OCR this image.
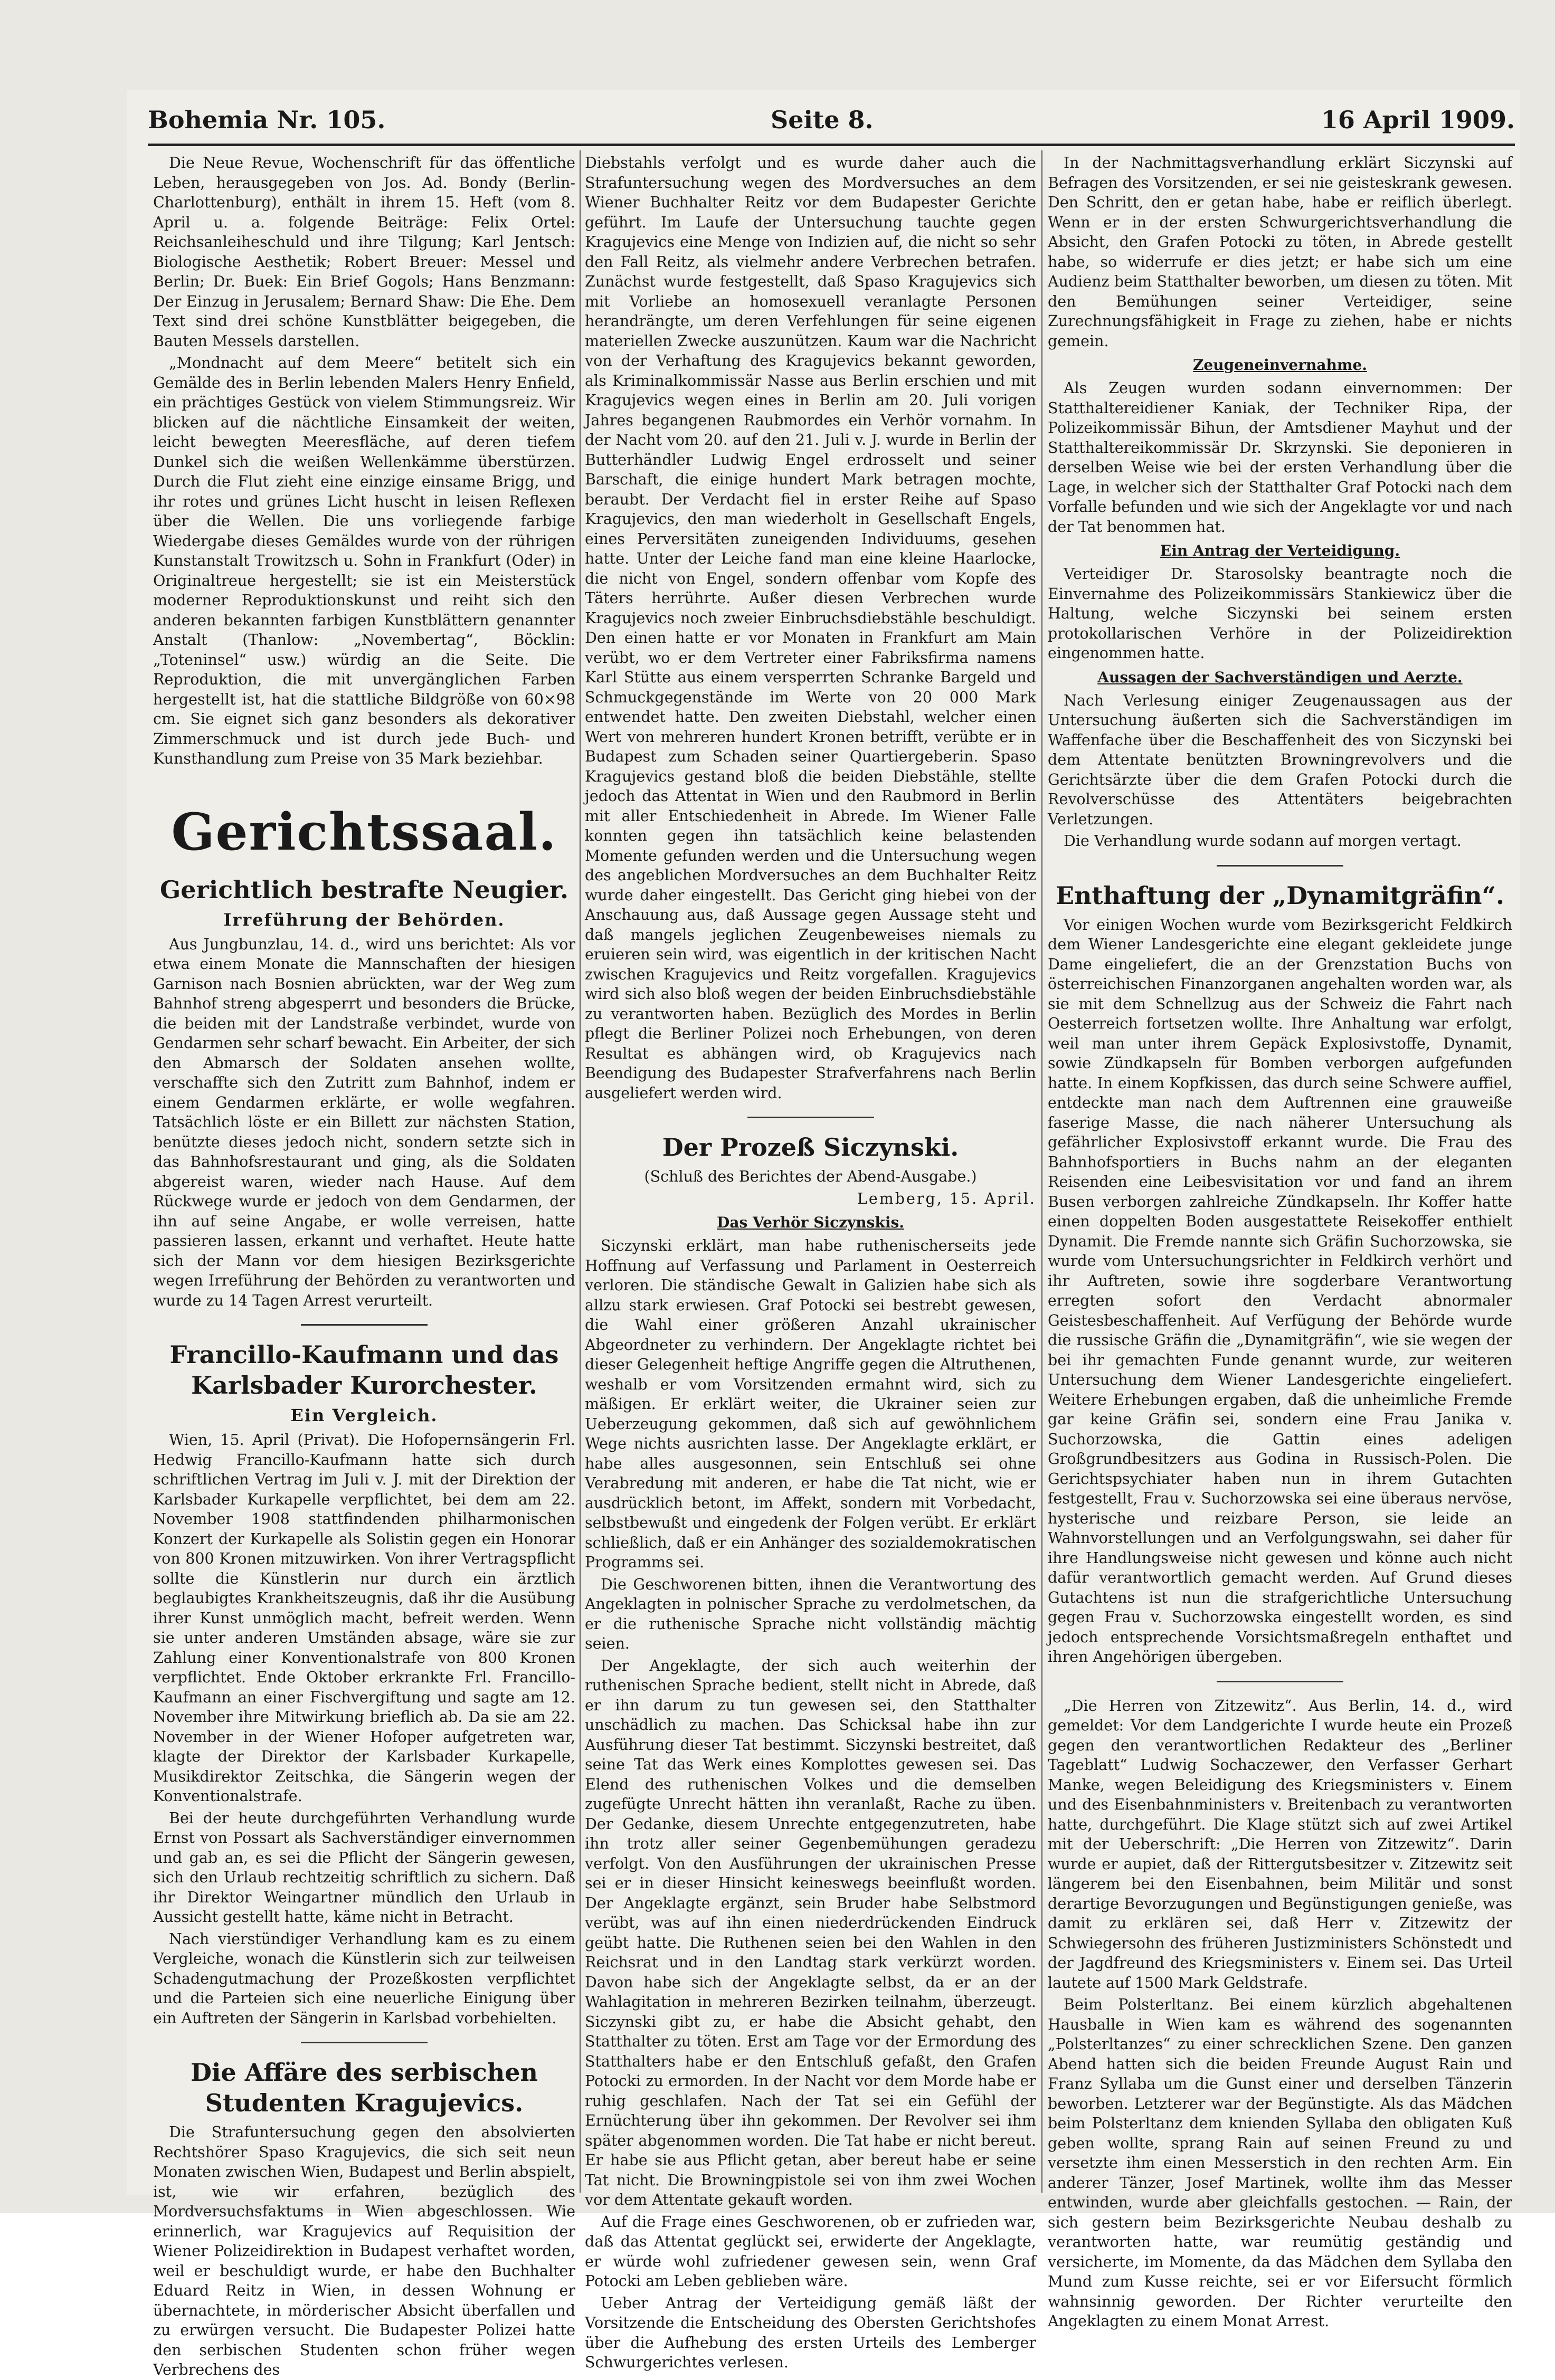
Bohemia Nr. 105.	Seite 8.	16 April 1909.

Die Neue Revue, Wochenschrift für das öffentliche Leben, herausgegeben von Jos. Ad. Bondy (Berlin-Charlottenburg), enthält in ihrem 15. Heft (vom 8. April u. a. folgende Beiträge: Felix Ortel: Reichsanleiheschuld und ihre Tilgung; Karl Jentsch: Biologische Aesthetik; Robert Breuer: Messel und Berlin; Dr. Buek: Ein Brief Gogols; Hans Benzmann: Der Einzug in Jerusalem; Bernard Shaw: Die Ehe. Dem Text sind drei schöne Kunstblätter beigegeben, die Bauten Messels darstellen.

„Mondnacht auf dem Meere“ betitelt sich ein Gemälde des in Berlin lebenden Malers Henry Enfield, ein prächtiges Gestück von vielem Stimmungsreiz. Wir blicken auf die nächtliche Einsamkeit der weiten, leicht bewegten Meeresfläche, auf deren tiefem Dunkel sich die weißen Wellenkämme überstürzen. Durch die Flut zieht eine einzige einsame Brigg, und ihr rotes und grünes Licht huscht in leisen Reflexen über die Wellen. Die uns vorliegende farbige Wiedergabe dieses Gemäldes wurde von der rührigen Kunstanstalt Trowitzsch u. Sohn in Frankfurt (Oder) in Originaltreue hergestellt; sie ist ein Meisterstück moderner Reproduktionskunst und reiht sich den anderen bekannten farbigen Kunstblättern genannter Anstalt (Thanlow: „Novembertag“, Böcklin: „Toteninsel“ usw.) würdig an die Seite. Die Reproduktion, die mit unvergänglichen Farben hergestellt ist, hat die stattliche Bildgröße von 60×98 cm. Sie eignet sich ganz besonders als dekorativer Zimmerschmuck und ist durch jede Buch- und Kunsthandlung zum Preise von 35 Mark beziehbar.

Gerichtssaal.
Gerichtlich bestrafte Neugier.
Irreführung der Behörden.

Aus Jungbunzlau, 14. d., wird uns berichtet: Als vor etwa einem Monate die Mannschaften der hiesigen Garnison nach Bosnien abrückten, war der Weg zum Bahnhof streng abgesperrt und besonders die Brücke, die beiden mit der Landstraße verbindet, wurde von Gendarmen sehr scharf bewacht. Ein Arbeiter, der sich den Abmarsch der Soldaten ansehen wollte, verschaffte sich den Zutritt zum Bahnhof, indem er einem Gendarmen erklärte, er wolle wegfahren. Tatsächlich löste er ein Billett zur nächsten Station, benützte dieses jedoch nicht, sondern setzte sich in das Bahnhofsrestaurant und ging, als die Soldaten abgereist waren, wieder nach Hause. Auf dem Rückwege wurde er jedoch von dem Gendarmen, der ihn auf seine Angabe, er wolle verreisen, hatte passieren lassen, erkannt und verhaftet. Heute hatte sich der Mann vor dem hiesigen Bezirksgerichte wegen Irreführung der Behörden zu verantworten und wurde zu 14 Tagen Arrest verurteilt.

Francillo-Kaufmann und das Karlsbader Kurorchester.
Ein Vergleich.

Wien, 15. April (Privat). Die Hofopernsängerin Frl. Hedwig Francillo-Kaufmann hatte sich durch schriftlichen Vertrag im Juli v. J. mit der Direktion der Karlsbader Kurkapelle verpflichtet, bei dem am 22. November 1908 stattfindenden philharmonischen Konzert der Kurkapelle als Solistin gegen ein Honorar von 800 Kronen mitzuwirken. Von ihrer Vertragspflicht sollte die Künstlerin nur durch ein ärztlich beglaubigtes Krankheitszeugnis, daß ihr die Ausübung ihrer Kunst unmöglich macht, befreit werden. Wenn sie unter anderen Umständen absage, wäre sie zur Zahlung einer Konventionalstrafe von 800 Kronen verpflichtet. Ende Oktober erkrankte Frl. Francillo-Kaufmann an einer Fischvergiftung und sagte am 12. November ihre Mitwirkung brieflich ab. Da sie am 22. November in der Wiener Hofoper aufgetreten war, klagte der Direktor der Karlsbader Kurkapelle, Musikdirektor Zeitschka, die Sängerin wegen der Konventionalstrafe.

Bei der heute durchgeführten Verhandlung wurde Ernst von Possart als Sachverständiger einvernommen und gab an, es sei die Pflicht der Sängerin gewesen, sich den Urlaub rechtzeitig schriftlich zu sichern. Daß ihr Direktor Weingartner mündlich den Urlaub in Aussicht gestellt hatte, käme nicht in Betracht.

Nach vierstündiger Verhandlung kam es zu einem Vergleiche, wonach die Künstlerin sich zur teilweisen Schadengutmachung der Prozeßkosten verpflichtet und die Parteien sich eine neuerliche Einigung über ein Auftreten der Sängerin in Karlsbad vorbehielten.

Die Affäre des serbischen Studenten Kragujevics.

Die Strafuntersuchung gegen den absolvierten Rechtshörer Spaso Kragujevics, die sich seit neun Monaten zwischen Wien, Budapest und Berlin abspielt, ist, wie wir erfahren, bezüglich des Mordversuchsfaktums in Wien abgeschlossen. Wie erinnerlich, war Kragujevics auf Requisition der Wiener Polizeidirektion in Budapest verhaftet worden, weil er beschuldigt wurde, er habe den Buchhalter Eduard Reitz in Wien, in dessen Wohnung er übernachtete, in mörderischer Absicht überfallen und zu erwürgen versucht. Die Budapester Polizei hatte den serbischen Studenten schon früher wegen Verbrechens des

Diebstahls verfolgt und es wurde daher auch die Strafuntersuchung wegen des Mordversuches an dem Wiener Buchhalter Reitz vor dem Budapester Gerichte geführt. Im Laufe der Untersuchung tauchte gegen Kragujevics eine Menge von Indizien auf, die nicht so sehr den Fall Reitz, als vielmehr andere Verbrechen betrafen. Zunächst wurde festgestellt, daß Spaso Kragujevics sich mit Vorliebe an homosexuell veranlagte Personen herandrängte, um deren Verfehlungen für seine eigenen materiellen Zwecke auszunützen. Kaum war die Nachricht von der Verhaftung des Kragujevics bekannt geworden, als Kriminalkommissär Nasse aus Berlin erschien und mit Kragujevics wegen eines in Berlin am 20. Juli vorigen Jahres begangenen Raubmordes ein Verhör vornahm. In der Nacht vom 20. auf den 21. Juli v. J. wurde in Berlin der Butterhändler Ludwig Engel erdrosselt und seiner Barschaft, die einige hundert Mark betragen mochte, beraubt. Der Verdacht fiel in erster Reihe auf Spaso Kragujevics, den man wiederholt in Gesellschaft Engels, eines Perversitäten zuneigenden Individuums, gesehen hatte. Unter der Leiche fand man eine kleine Haarlocke, die nicht von Engel, sondern offenbar vom Kopfe des Täters herrührte. Außer diesen Verbrechen wurde Kragujevics noch zweier Einbruchsdiebstähle beschuldigt. Den einen hatte er vor Monaten in Frankfurt am Main verübt, wo er dem Vertreter einer Fabriksfirma namens Karl Stütte aus einem versperrten Schranke Bargeld und Schmuckgegenstände im Werte von 20 000 Mark entwendet hatte. Den zweiten Diebstahl, welcher einen Wert von mehreren hundert Kronen betrifft, verübte er in Budapest zum Schaden seiner Quartiergeberin. Spaso Kragujevics gestand bloß die beiden Diebstähle, stellte jedoch das Attentat in Wien und den Raubmord in Berlin mit aller Entschiedenheit in Abrede. Im Wiener Falle konnten gegen ihn tatsächlich keine belastenden Momente gefunden werden und die Untersuchung wegen des angeblichen Mordversuches an dem Buchhalter Reitz wurde daher eingestellt. Das Gericht ging hiebei von der Anschauung aus, daß Aussage gegen Aussage steht und daß mangels jeglichen Zeugenbeweises niemals zu eruieren sein wird, was eigentlich in der kritischen Nacht zwischen Kragujevics und Reitz vorgefallen. Kragujevics wird sich also bloß wegen der beiden Einbruchsdiebstähle zu verantworten haben. Bezüglich des Mordes in Berlin pflegt die Berliner Polizei noch Erhebungen, von deren Resultat es abhängen wird, ob Kragujevics nach Beendigung des Budapester Strafverfahrens nach Berlin ausgeliefert werden wird.

Der Prozeß Siczynski.

(Schluß des Berichtes der Abend-Ausgabe.)

Lemberg, 15. April.

Das Verhör Siczynskis.

Siczynski erklärt, man habe ruthenischerseits jede Hoffnung auf Verfassung und Parlament in Oesterreich verloren. Die ständische Gewalt in Galizien habe sich als allzu stark erwiesen. Graf Potocki sei bestrebt gewesen, die Wahl einer größeren Anzahl ukrainischer Abgeordneter zu verhindern. Der Angeklagte richtet bei dieser Gelegenheit heftige Angriffe gegen die Altruthenen, weshalb er vom Vorsitzenden ermahnt wird, sich zu mäßigen. Er erklärt weiter, die Ukrainer seien zur Ueberzeugung gekommen, daß sich auf gewöhnlichem Wege nichts ausrichten lasse. Der Angeklagte erklärt, er habe alles ausgesonnen, sein Entschluß sei ohne Verabredung mit anderen, er habe die Tat nicht, wie er ausdrücklich betont, im Affekt, sondern mit Vorbedacht, selbstbewußt und eingedenk der Folgen verübt. Er erklärt schließlich, daß er ein Anhänger des sozialdemokratischen Programms sei.

Die Geschworenen bitten, ihnen die Verantwortung des Angeklagten in polnischer Sprache zu verdolmetschen, da er die ruthenische Sprache nicht vollständig mächtig seien.

Der Angeklagte, der sich auch weiterhin der ruthenischen Sprache bedient, stellt nicht in Abrede, daß er ihn darum zu tun gewesen sei, den Statthalter unschädlich zu machen. Das Schicksal habe ihn zur Ausführung dieser Tat bestimmt. Siczynski bestreitet, daß seine Tat das Werk eines Komplottes gewesen sei. Das Elend des ruthenischen Volkes und die demselben zugefügte Unrecht hätten ihn veranlaßt, Rache zu üben. Der Gedanke, diesem Unrechte entgegenzutreten, habe ihn trotz aller seiner Gegenbemühungen geradezu verfolgt. Von den Ausführungen der ukrainischen Presse sei er in dieser Hinsicht keineswegs beeinflußt worden. Der Angeklagte ergänzt, sein Bruder habe Selbstmord verübt, was auf ihn einen niederdrückenden Eindruck geübt hatte. Die Ruthenen seien bei den Wahlen in den Reichsrat und in den Landtag stark verkürzt worden. Davon habe sich der Angeklagte selbst, da er an der Wahlagitation in mehreren Bezirken teilnahm, überzeugt. Siczynski gibt zu, er habe die Absicht gehabt, den Statthalter zu töten. Erst am Tage vor der Ermordung des Statthalters habe er den Entschluß gefaßt, den Grafen Potocki zu ermorden. In der Nacht vor dem Morde habe er ruhig geschlafen. Nach der Tat sei ein Gefühl der Ernüchterung über ihn gekommen. Der Revolver sei ihm später abgenommen worden. Die Tat habe er nicht bereut. Er habe sie aus Pflicht getan, aber bereut habe er seine Tat nicht. Die Browningpistole sei von ihm zwei Wochen vor dem Attentate gekauft worden.

Auf die Frage eines Geschworenen, ob er zufrieden war, daß das Attentat geglückt sei, erwiderte der Angeklagte, er würde wohl zufriedener gewesen sein, wenn Graf Potocki am Leben geblieben wäre.

Ueber Antrag der Verteidigung gemäß läßt der Vorsitzende die Entscheidung des Obersten Gerichtshofes über die Aufhebung des ersten Urteils des Lemberger Schwurgerichtes verlesen.

In der Nachmittagsverhandlung erklärt Siczynski auf Befragen des Vorsitzenden, er sei nie geisteskrank gewesen. Den Schritt, den er getan habe, habe er reiflich überlegt. Wenn er in der ersten Schwurgerichtsverhandlung die Absicht, den Grafen Potocki zu töten, in Abrede gestellt habe, so widerrufe er dies jetzt; er habe sich um eine Audienz beim Statthalter beworben, um diesen zu töten. Mit den Bemühungen seiner Verteidiger, seine Zurechnungsfähigkeit in Frage zu ziehen, habe er nichts gemein.

Zeugeneinvernahme.

Als Zeugen wurden sodann einvernommen: Der Statthaltereidiener Kaniak, der Techniker Ripa, der Polizeikommissär Bihun, der Amtsdiener Mayhut und der Statthaltereikommissär Dr. Skrzynski. Sie deponieren in derselben Weise wie bei der ersten Verhandlung über die Lage, in welcher sich der Statthalter Graf Potocki nach dem Vorfalle befunden und wie sich der Angeklagte vor und nach der Tat benommen hat.

Ein Antrag der Verteidigung.

Verteidiger Dr. Starosolsky beantragte noch die Einvernahme des Polizeikommissärs Stankiewicz über die Haltung, welche Siczynski bei seinem ersten protokollarischen Verhöre in der Polizeidirektion eingenommen hatte.

Aussagen der Sachverständigen und Aerzte.

Nach Verlesung einiger Zeugenaussagen aus der Untersuchung äußerten sich die Sachverständigen im Waffenfache über die Beschaffenheit des von Siczynski bei dem Attentate benützten Browningrevolvers und die Gerichtsärzte über die dem Grafen Potocki durch die Revolverschüsse des Attentäters beigebrachten Verletzungen.

Die Verhandlung wurde sodann auf morgen vertagt.

Enthaftung der „Dynamitgräfin“.

Vor einigen Wochen wurde vom Bezirksgericht Feldkirch dem Wiener Landesgerichte eine elegant gekleidete junge Dame eingeliefert, die an der Grenzstation Buchs von österreichischen Finanzorganen angehalten worden war, als sie mit dem Schnellzug aus der Schweiz die Fahrt nach Oesterreich fortsetzen wollte. Ihre Anhaltung war erfolgt, weil man unter ihrem Gepäck Explosivstoffe, Dynamit, sowie Zündkapseln für Bomben verborgen aufgefunden hatte. In einem Kopfkissen, das durch seine Schwere auffiel, entdeckte man nach dem Auftrennen eine grauweiße faserige Masse, die nach näherer Untersuchung als gefährlicher Explosivstoff erkannt wurde. Die Frau des Bahnhofsportiers in Buchs nahm an der eleganten Reisenden eine Leibesvisitation vor und fand an ihrem Busen verborgen zahlreiche Zündkapseln. Ihr Koffer hatte einen doppelten Boden ausgestattete Reisekoffer enthielt Dynamit. Die Fremde nannte sich Gräfin Suchorzowska, sie wurde vom Untersuchungsrichter in Feldkirch verhört und ihr Auftreten, sowie ihre sogderbare Verantwortung erregten sofort den Verdacht abnormaler Geistesbeschaffenheit. Auf Verfügung der Behörde wurde die russische Gräfin die „Dynamitgräfin“, wie sie wegen der bei ihr gemachten Funde genannt wurde, zur weiteren Untersuchung dem Wiener Landesgerichte eingeliefert. Weitere Erhebungen ergaben, daß die unheimliche Fremde gar keine Gräfin sei, sondern eine Frau Janika v. Suchorzowska, die Gattin eines adeligen Großgrundbesitzers aus Godina in Russisch-Polen. Die Gerichtspsychiater haben nun in ihrem Gutachten festgestellt, Frau v. Suchorzowska sei eine überaus nervöse, hysterische und reizbare Person, sie leide an Wahnvorstellungen und an Verfolgungswahn, sei daher für ihre Handlungsweise nicht gewesen und könne auch nicht dafür verantwortlich gemacht werden. Auf Grund dieses Gutachtens ist nun die strafgerichtliche Untersuchung gegen Frau v. Suchorzowska eingestellt worden, es sind jedoch entsprechende Vorsichtsmaßregeln enthaftet und ihren Angehörigen übergeben.

„Die Herren von Zitzewitz“. Aus Berlin, 14. d., wird gemeldet: Vor dem Landgerichte I wurde heute ein Prozeß gegen den verantwortlichen Redakteur des „Berliner Tageblatt“ Ludwig Sochaczewer, den Verfasser Gerhart Manke, wegen Beleidigung des Kriegsministers v. Einem und des Eisenbahnministers v. Breitenbach zu verantworten hatte, durchgeführt. Die Klage stützt sich auf zwei Artikel mit der Ueberschrift: „Die Herren von Zitzewitz“. Darin wurde er aupiet, daß der Rittergutsbesitzer v. Zitzewitz seit längerem bei den Eisenbahnen, beim Militär und sonst derartige Bevorzugungen und Begünstigungen genieße, was damit zu erklären sei, daß Herr v. Zitzewitz der Schwiegersohn des früheren Justizministers Schönstedt und der Jagdfreund des Kriegsministers v. Einem sei. Das Urteil lautete auf 1500 Mark Geldstrafe.

Beim Polsterltanz. Bei einem kürzlich abgehaltenen Hausballe in Wien kam es während des sogenannten „Polsterltanzes“ zu einer schrecklichen Szene. Den ganzen Abend hatten sich die beiden Freunde August Rain und Franz Syllaba um die Gunst einer und derselben Tänzerin beworben. Letzterer war der Begünstigte. Als das Mädchen beim Polsterltanz dem knienden Syllaba den obligaten Kuß geben wollte, sprang Rain auf seinen Freund zu und versetzte ihm einen Messerstich in den rechten Arm. Ein anderer Tänzer, Josef Martinek, wollte ihm das Messer entwinden, wurde aber gleichfalls gestochen. — Rain, der sich gestern beim Bezirksgerichte Neubau deshalb zu verantworten hatte, war reumütig geständig und versicherte, im Momente, da das Mädchen dem Syllaba den Mund zum Kusse reichte, sei er vor Eifersucht förmlich wahnsinnig geworden. Der Richter verurteilte den Angeklagten zu einem Monat Arrest.
